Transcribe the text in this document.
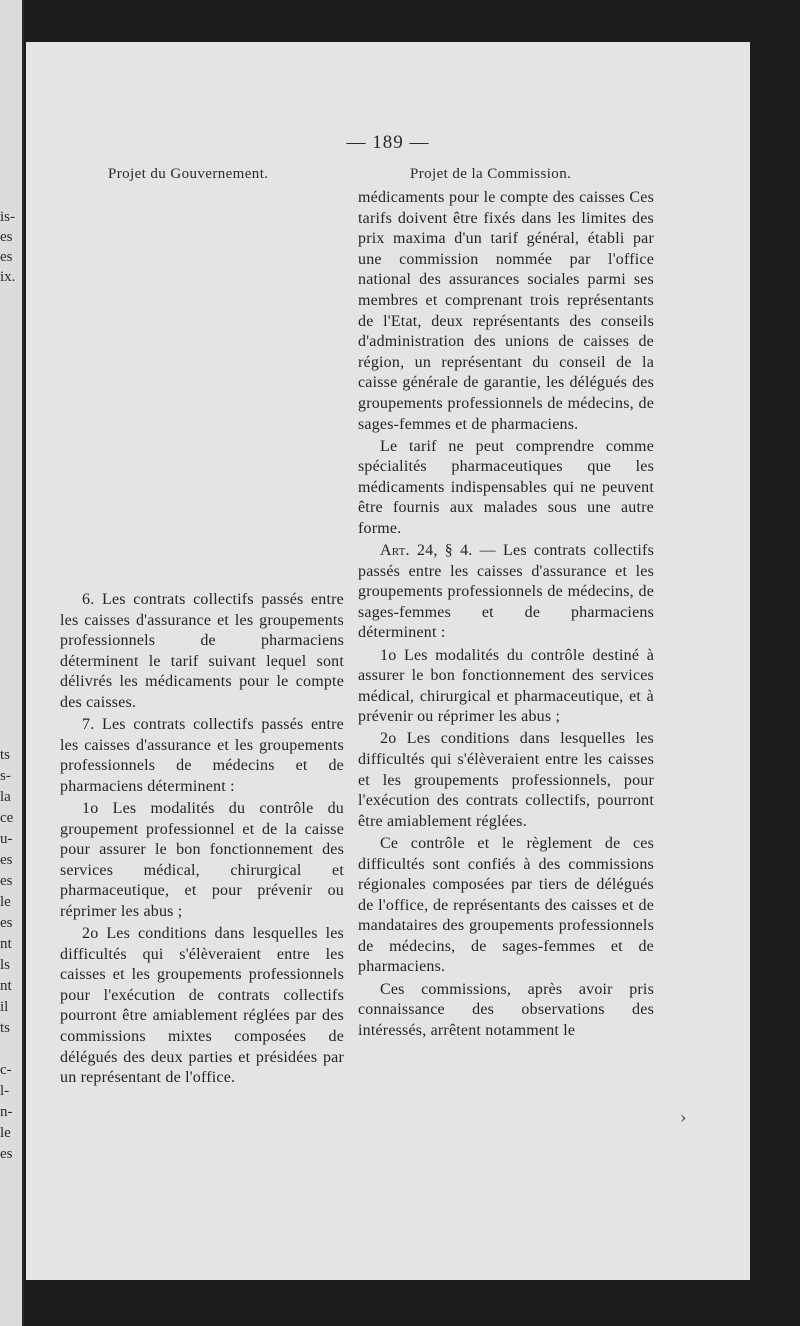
is-
es
es
ix.
ts
s-
la
ce
u-
es
es
le
es
nt
ls
nt
il
ts
c-
l-
n-
le
es
— 189 —
Projet du Gouvernement.	Projet de la Commission.

6. Les contrats collectifs passés entre les caisses d'assurance et les groupements professionnels de pharmaciens déterminent le tarif suivant lequel sont délivrés les médicaments pour le compte des caisses.

7. Les contrats collectifs passés entre les caisses d'assurance et les groupements professionnels de médecins et de pharmaciens déterminent :

1o Les modalités du contrôle du groupement professionnel et de la caisse pour assurer le bon fonctionnement des services médical, chirurgical et pharmaceutique, et pour prévenir ou réprimer les abus ;

2o Les conditions dans lesquelles les difficultés qui s'élèveraient entre les caisses et les groupements professionnels pour l'exécution de contrats collectifs pourront être amiablement réglées par des commissions mixtes composées de délégués des deux parties et présidées par un représentant de l'office.

médicaments pour le compte des caisses Ces tarifs doivent être fixés dans les limites des prix maxima d'un tarif général, établi par une commission nommée par l'office national des assurances sociales parmi ses membres et comprenant trois représentants de l'Etat, deux représentants des conseils d'administration des unions de caisses de région, un représentant du conseil de la caisse générale de garantie, les délégués des groupements professionnels de médecins, de sages-femmes et de pharmaciens.

Le tarif ne peut comprendre comme spécialités pharmaceutiques que les médicaments indispensables qui ne peuvent être fournis aux malades sous une autre forme.

Art. 24, § 4. — Les contrats collectifs passés entre les caisses d'assurance et les groupements professionnels de médecins, de sages-femmes et de pharmaciens déterminent :

1o Les modalités du contrôle destiné à assurer le bon fonctionnement des services médical, chirurgical et pharmaceutique, et à prévenir ou réprimer les abus ;

2o Les conditions dans lesquelles les difficultés qui s'élèveraient entre les caisses et les groupements professionnels, pour l'exécution des contrats collectifs, pourront être amiablement réglées.

Ce contrôle et le règlement de ces difficultés sont confiés à des commissions régionales composées par tiers de délégués de l'office, de représentants des caisses et de mandataires des groupements professionnels de médecins, de sages-femmes et de pharmaciens.

Ces commissions, après avoir pris connaissance des observations des intéressés, arrêtent notamment le

›
